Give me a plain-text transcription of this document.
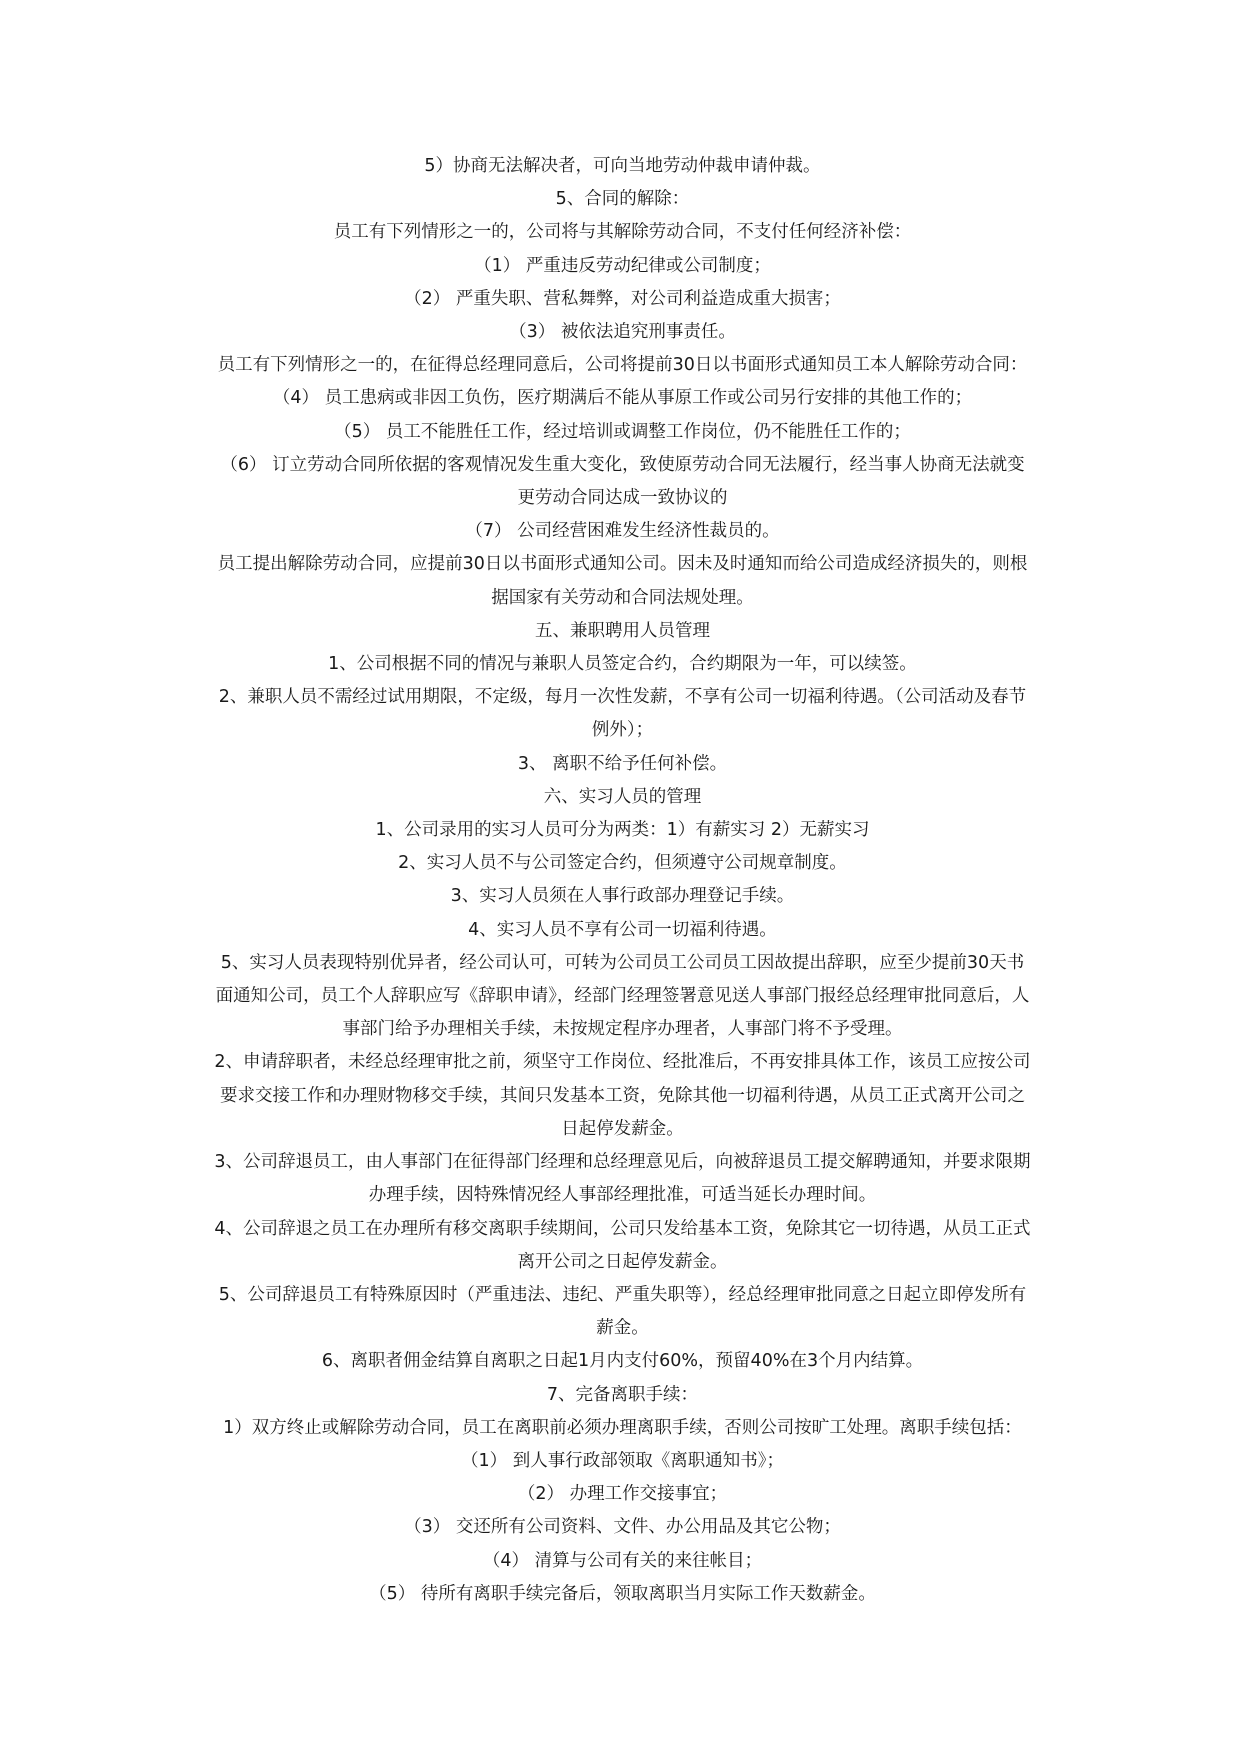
5）协商无法解决者，可向当地劳动仲裁申请仲裁。

5、合同的解除：

员工有下列情形之一的，公司将与其解除劳动合同，不支付任何经济补偿：

（1） 严重违反劳动纪律或公司制度；

（2） 严重失职、营私舞弊，对公司利益造成重大损害；

（3） 被依法追究刑事责任。

员工有下列情形之一的，在征得总经理同意后，公司将提前30日以书面形式通知员工本人解除劳动合同：

（4） 员工患病或非因工负伤，医疗期满后不能从事原工作或公司另行安排的其他工作的；

（5） 员工不能胜任工作，经过培训或调整工作岗位，仍不能胜任工作的；

（6） 订立劳动合同所依据的客观情况发生重大变化，致使原劳动合同无法履行，经当事人协商无法就变

更劳动合同达成一致协议的

（7） 公司经营困难发生经济性裁员的。

员工提出解除劳动合同，应提前30日以书面形式通知公司。因未及时通知而给公司造成经济损失的，则根

据国家有关劳动和合同法规处理。

五、兼职聘用人员管理

1、公司根据不同的情况与兼职人员签定合约，合约期限为一年，可以续签。

2、兼职人员不需经过试用期限，不定级，每月一次性发薪，不享有公司一切福利待遇。（公司活动及春节

例外）；

3、 离职不给予任何补偿。

六、实习人员的管理

1、公司录用的实习人员可分为两类：1）有薪实习 2）无薪实习

2、实习人员不与公司签定合约，但须遵守公司规章制度。

3、实习人员须在人事行政部办理登记手续。

4、实习人员不享有公司一切福利待遇。

5、实习人员表现特别优异者，经公司认可，可转为公司员工公司员工因故提出辞职，应至少提前30天书

面通知公司，员工个人辞职应写《辞职申请》，经部门经理签署意见送人事部门报经总经理审批同意后，人

事部门给予办理相关手续，未按规定程序办理者，人事部门将不予受理。

2、申请辞职者，未经总经理审批之前，须坚守工作岗位、经批准后，不再安排具体工作，该员工应按公司

要求交接工作和办理财物移交手续，其间只发基本工资，免除其他一切福利待遇，从员工正式离开公司之

日起停发薪金。

3、公司辞退员工，由人事部门在征得部门经理和总经理意见后，向被辞退员工提交解聘通知，并要求限期

办理手续，因特殊情况经人事部经理批准，可适当延长办理时间。

4、公司辞退之员工在办理所有移交离职手续期间，公司只发给基本工资，免除其它一切待遇，从员工正式

离开公司之日起停发薪金。

5、公司辞退员工有特殊原因时（严重违法、违纪、严重失职等），经总经理审批同意之日起立即停发所有

薪金。

6、离职者佣金结算自离职之日起1月内支付60%，预留40%在3个月内结算。

7、完备离职手续：

1）双方终止或解除劳动合同，员工在离职前必须办理离职手续，否则公司按旷工处理。离职手续包括：

（1） 到人事行政部领取《离职通知书》；

（2） 办理工作交接事宜；

（3） 交还所有公司资料、文件、办公用品及其它公物；

（4） 清算与公司有关的来往帐目；

（5） 待所有离职手续完备后，领取离职当月实际工作天数薪金。
